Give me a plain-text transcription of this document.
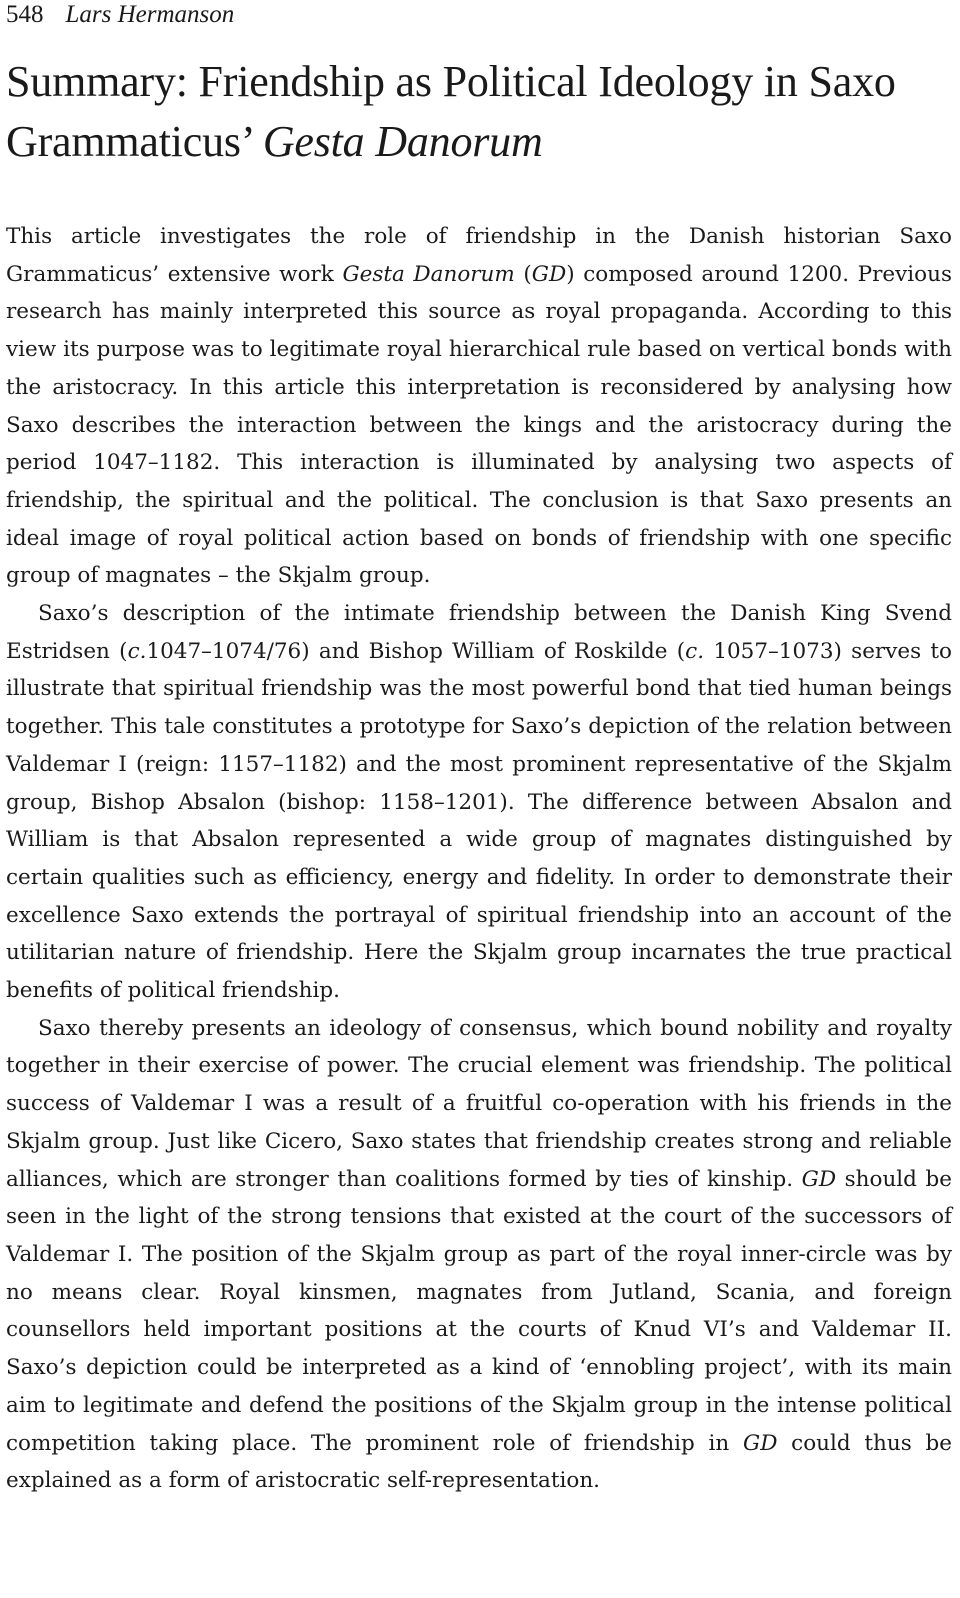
548 Lars Hermanson
Summary: Friendship as Political Ideology in Saxo Grammaticus’ Gesta Danorum

This article investigates the role of friendship in the Danish historian Saxo Grammaticus’ extensive work Gesta Danorum (GD) composed around 1200. Previous research has mainly interpreted this source as royal propaganda. According to this view its purpose was to legitimate royal hierarchical rule based on vertical bonds with the aristocracy. In this article this interpretation is reconsidered by analysing how Saxo describes the interaction between the kings and the aristocracy during the period 1047–1182. This interaction is illuminated by analysing two aspects of friendship, the spiritual and the political. The conclusion is that Saxo presents an ideal image of royal political action based on bonds of friendship with one specific group of magnates – the Skjalm group.

Saxo’s description of the intimate friendship between the Danish King Svend Estridsen (c.1047–1074/76) and Bishop William of Roskilde (c. 1057–1073) serves to illustrate that spiritual friendship was the most powerful bond that tied human beings together. This tale constitutes a prototype for Saxo’s depiction of the relation between Valdemar I (reign: 1157–1182) and the most prominent representative of the Skjalm group, Bishop Absalon (bishop: 1158–1201). The difference between Absalon and William is that Absalon represented a wide group of magnates distinguished by certain qualities such as efficiency, energy and fidelity. In order to demonstrate their excellence Saxo extends the portrayal of spiritual friendship into an account of the utilitarian nature of friendship. Here the Skjalm group incarnates the true practical benefits of political friendship.

Saxo thereby presents an ideology of consensus, which bound nobility and royalty together in their exercise of power. The crucial element was friendship. The political success of Valdemar I was a result of a fruitful co-operation with his friends in the Skjalm group. Just like Cicero, Saxo states that friendship creates strong and reliable alliances, which are stronger than coalitions formed by ties of kinship. GD should be seen in the light of the strong tensions that existed at the court of the successors of Valdemar I. The position of the Skjalm group as part of the royal inner-circle was by no means clear. Royal kinsmen, magnates from Jutland, Scania, and foreign counsellors held important positions at the courts of Knud VI’s and Valdemar II. Saxo’s depiction could be interpreted as a kind of ‘ennobling project’, with its main aim to legitimate and defend the positions of the Skjalm group in the intense political competition taking place. The prominent role of friendship in GD could thus be explained as a form of aristocratic self-representation.
